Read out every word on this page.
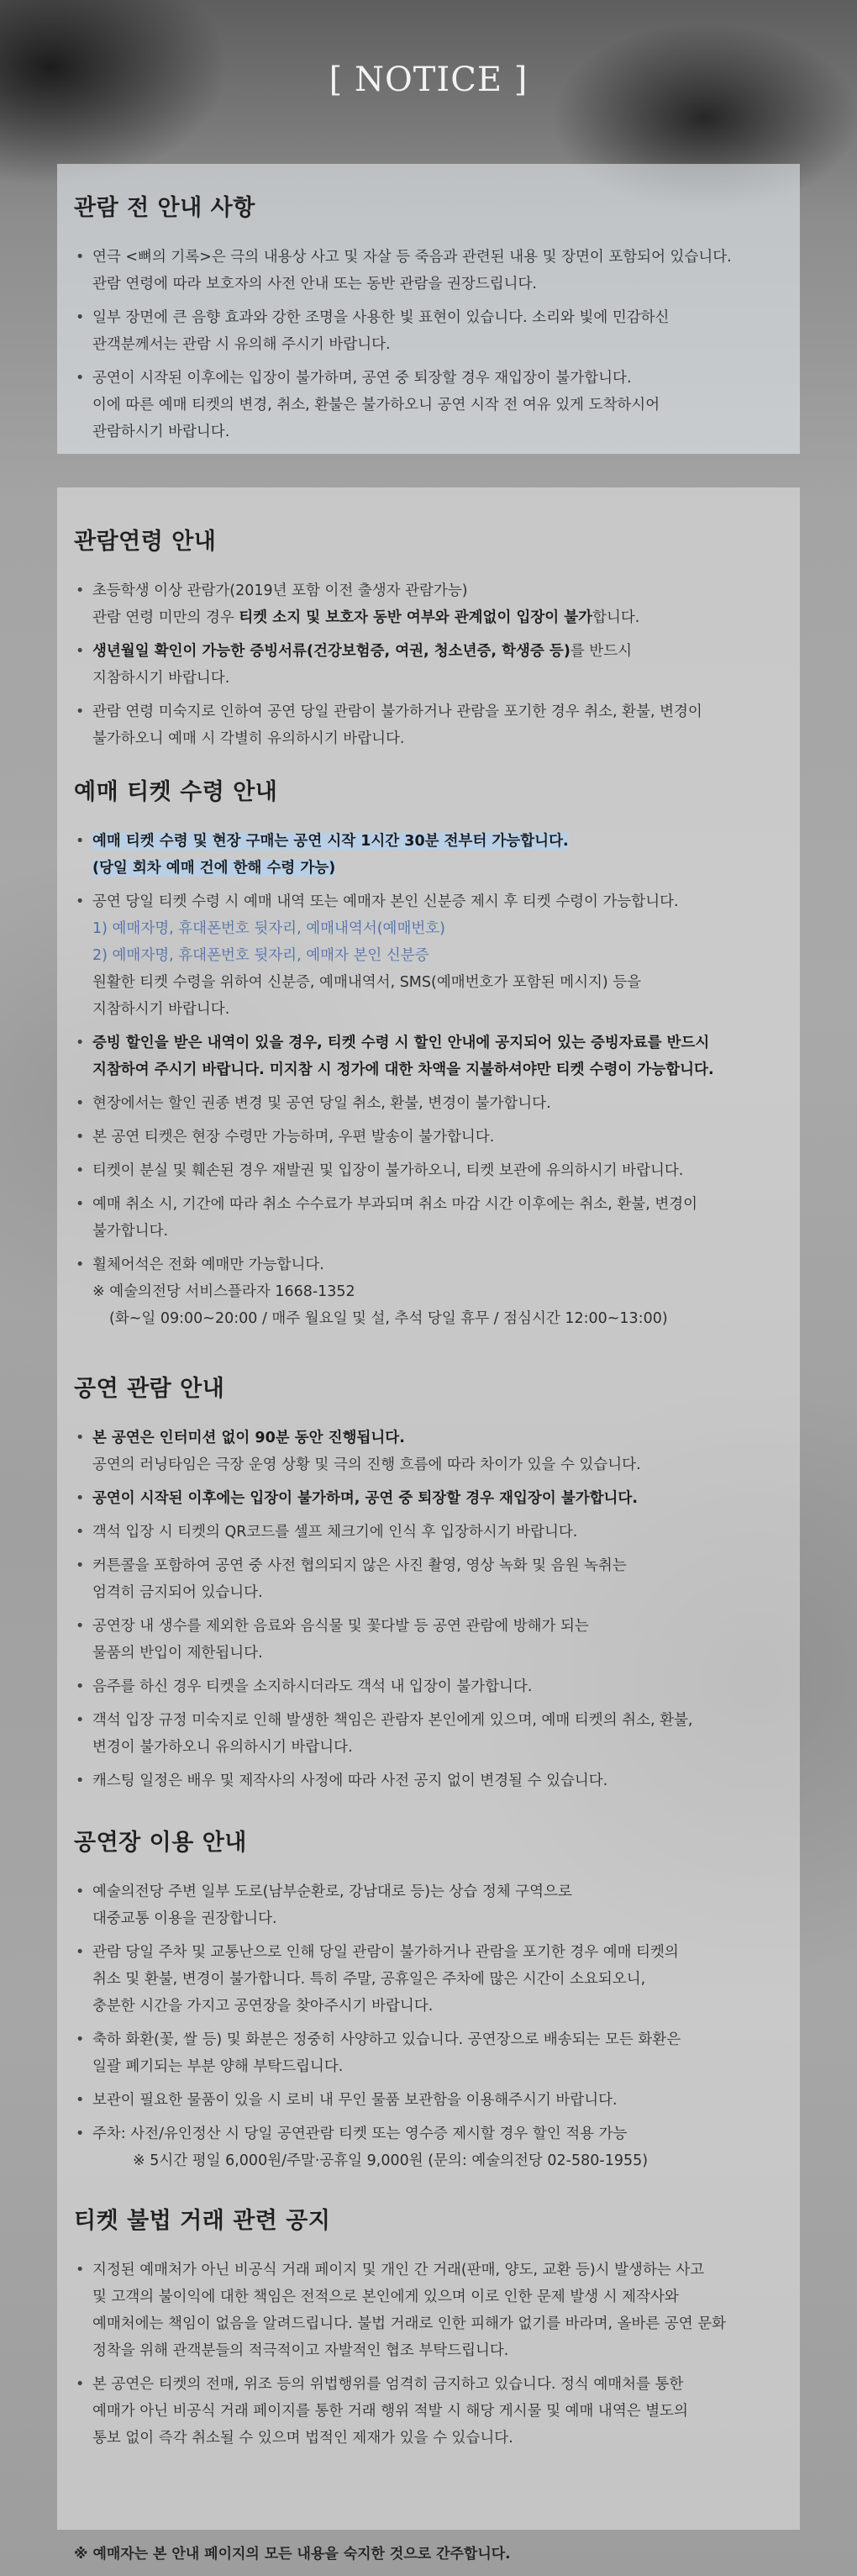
[ NOTICE ]
관람 전 안내 사항
• 연극 <뼈의 기록>은 극의 내용상 사고 및 자살 등 죽음과 관련된 내용 및 장면이 포함되어 있습니다.
관람 연령에 따라 보호자의 사전 안내 또는 동반 관람을 권장드립니다.
• 일부 장면에 큰 음향 효과와 강한 조명을 사용한 빛 표현이 있습니다. 소리와 빛에 민감하신
관객분께서는 관람 시 유의해 주시기 바랍니다.
• 공연이 시작된 이후에는 입장이 불가하며, 공연 중 퇴장할 경우 재입장이 불가합니다.
이에 따른 예매 티켓의 변경, 취소, 환불은 불가하오니 공연 시작 전 여유 있게 도착하시어
관람하시기 바랍니다.
관람연령 안내
• 초등학생 이상 관람가(2019년 포함 이전 출생자 관람가능)
관람 연령 미만의 경우 티켓 소지 및 보호자 동반 여부와 관계없이 입장이 불가합니다.
• 생년월일 확인이 가능한 증빙서류(건강보험증, 여권, 청소년증, 학생증 등)를 반드시
지참하시기 바랍니다.
• 관람 연령 미숙지로 인하여 공연 당일 관람이 불가하거나 관람을 포기한 경우 취소, 환불, 변경이
불가하오니 예매 시 각별히 유의하시기 바랍니다.
예매 티켓 수령 안내
• 예매 티켓 수령 및 현장 구매는 공연 시작 1시간 30분 전부터 가능합니다.
(당일 회차 예매 건에 한해 수령 가능)
• 공연 당일 티켓 수령 시 예매 내역 또는 예매자 본인 신분증 제시 후 티켓 수령이 가능합니다.
1) 예매자명, 휴대폰번호 뒷자리, 예매내역서(예매번호)
2) 예매자명, 휴대폰번호 뒷자리, 예매자 본인 신분증
원활한 티켓 수령을 위하여 신분증, 예매내역서, SMS(예매번호가 포함된 메시지) 등을
지참하시기 바랍니다.
• 증빙 할인을 받은 내역이 있을 경우, 티켓 수령 시 할인 안내에 공지되어 있는 증빙자료를 반드시
지참하여 주시기 바랍니다. 미지참 시 정가에 대한 차액을 지불하셔야만 티켓 수령이 가능합니다.
• 현장에서는 할인 권종 변경 및 공연 당일 취소, 환불, 변경이 불가합니다.
• 본 공연 티켓은 현장 수령만 가능하며, 우편 발송이 불가합니다.
• 티켓이 분실 및 훼손된 경우 재발권 및 입장이 불가하오니, 티켓 보관에 유의하시기 바랍니다.
• 예매 취소 시, 기간에 따라 취소 수수료가 부과되며 취소 마감 시간 이후에는 취소, 환불, 변경이
불가합니다.
• 휠체어석은 전화 예매만 가능합니다.
※ 예술의전당 서비스플라자 1668-1352
(화~일 09:00~20:00 / 매주 월요일 및 설, 추석 당일 휴무 / 점심시간 12:00~13:00)
공연 관람 안내
• 본 공연은 인터미션 없이 90분 동안 진행됩니다.
공연의 러닝타임은 극장 운영 상황 및 극의 진행 흐름에 따라 차이가 있을 수 있습니다.
• 공연이 시작된 이후에는 입장이 불가하며, 공연 중 퇴장할 경우 재입장이 불가합니다.
• 객석 입장 시 티켓의 QR코드를 셀프 체크기에 인식 후 입장하시기 바랍니다.
• 커튼콜을 포함하여 공연 중 사전 협의되지 않은 사진 촬영, 영상 녹화 및 음원 녹취는
엄격히 금지되어 있습니다.
• 공연장 내 생수를 제외한 음료와 음식물 및 꽃다발 등 공연 관람에 방해가 되는
물품의 반입이 제한됩니다.
• 음주를 하신 경우 티켓을 소지하시더라도 객석 내 입장이 불가합니다.
• 객석 입장 규정 미숙지로 인해 발생한 책임은 관람자 본인에게 있으며, 예매 티켓의 취소, 환불,
변경이 불가하오니 유의하시기 바랍니다.
• 캐스팅 일정은 배우 및 제작사의 사정에 따라 사전 공지 없이 변경될 수 있습니다.
공연장 이용 안내
• 예술의전당 주변 일부 도로(남부순환로, 강남대로 등)는 상습 정체 구역으로
대중교통 이용을 권장합니다.
• 관람 당일 주차 및 교통난으로 인해 당일 관람이 불가하거나 관람을 포기한 경우 예매 티켓의
취소 및 환불, 변경이 불가합니다. 특히 주말, 공휴일은 주차에 많은 시간이 소요되오니,
충분한 시간을 가지고 공연장을 찾아주시기 바랍니다.
• 축하 화환(꽃, 쌀 등) 및 화분은 정중히 사양하고 있습니다. 공연장으로 배송되는 모든 화환은
일괄 폐기되는 부분 양해 부탁드립니다.
• 보관이 필요한 물품이 있을 시 로비 내 무인 물품 보관함을 이용해주시기 바랍니다.
• 주차: 사전/유인정산 시 당일 공연관람 티켓 또는 영수증 제시할 경우 할인 적용 가능
※ 5시간 평일 6,000원/주말·공휴일 9,000원 (문의: 예술의전당 02-580-1955)
티켓 불법 거래 관련 공지
• 지정된 예매처가 아닌 비공식 거래 페이지 및 개인 간 거래(판매, 양도, 교환 등)시 발생하는 사고
및 고객의 불이익에 대한 책임은 전적으로 본인에게 있으며 이로 인한 문제 발생 시 제작사와
예매처에는 책임이 없음을 알려드립니다. 불법 거래로 인한 피해가 없기를 바라며, 올바른 공연 문화
정착을 위해 관객분들의 적극적이고 자발적인 협조 부탁드립니다.
• 본 공연은 티켓의 전매, 위조 등의 위법행위를 엄격히 금지하고 있습니다. 정식 예매처를 통한
예매가 아닌 비공식 거래 페이지를 통한 거래 행위 적발 시 해당 게시물 및 예매 내역은 별도의
통보 없이 즉각 취소될 수 있으며 법적인 제재가 있을 수 있습니다.
※ 예매자는 본 안내 페이지의 모든 내용을 숙지한 것으로 간주합니다.
